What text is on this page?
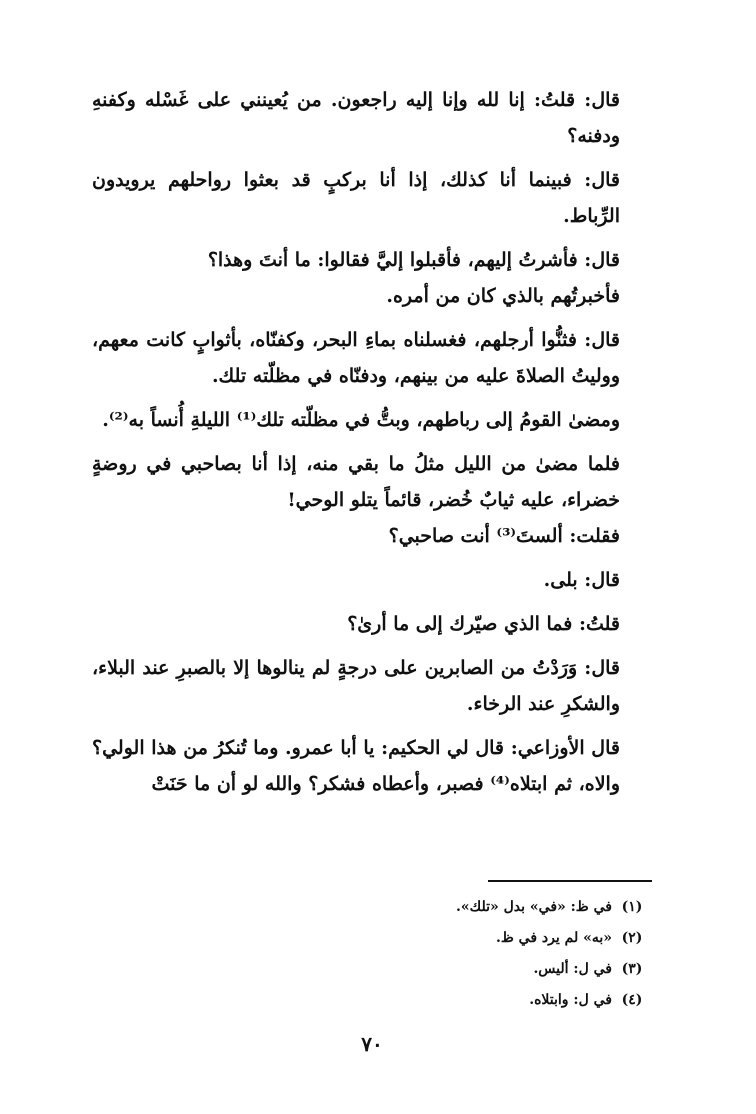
قال: قلتُ: إنا لله وإنا إليه راجعون. من يُعينني على غَسْله وكفنهِ ودفنه؟

قال: فبينما أنا كذلك، إذا أنا بركبٍ قد بعثوا رواحلهم يرويدون الرِّباط.

قال: فأشرتُ إليهم، فأقبلوا إليَّ فقالوا: ما أنتَ وهذا؟

فأخبرتُهم بالذي كان من أمره.

قال: فثنُّوا أرجلهم، فغسلناه بماءِ البحر، وكفنّاه، بأثوابٍ كانت معهم، ووليتُ الصلاةَ عليه من بينهم، ودفنّاه في مظلّته تلك.

ومضىٰ القومُ إلى رباطهم، وبتُّ في مظلّته تلك⁽¹⁾ الليلةِ أُنساً به⁽²⁾.

فلما مضىٰ من الليل مثلُ ما بقي منه، إذا أنا بصاحبي في روضةٍ خضراء، عليه ثيابٌ خُضر، قائماً يتلو الوحي!

فقلت: ألستَ⁽³⁾ أنت صاحبي؟

قال: بلى.

قلتُ: فما الذي صيّرك إلى ما أرىٰ؟

قال: وَرَدْتُ من الصابرين على درجةٍ لم ينالوها إلا بالصبرِ عند البلاء، والشكرِ عند الرخاء.

قال الأوزاعي: قال لي الحكيم: يا أبا عمرو. وما تُنكرُ من هذا الولي؟ والاه، ثم ابتلاه⁽⁴⁾ فصبر، وأعطاه فشكر؟ والله لو أن ما حَنَتْ

(١)
في ظ: «في» بدل «تلك».
(٢)
«به» لم يرد في ظ.
(٣)
في ل: أليس.
(٤)
في ل: وابتلاه.
٧٠
